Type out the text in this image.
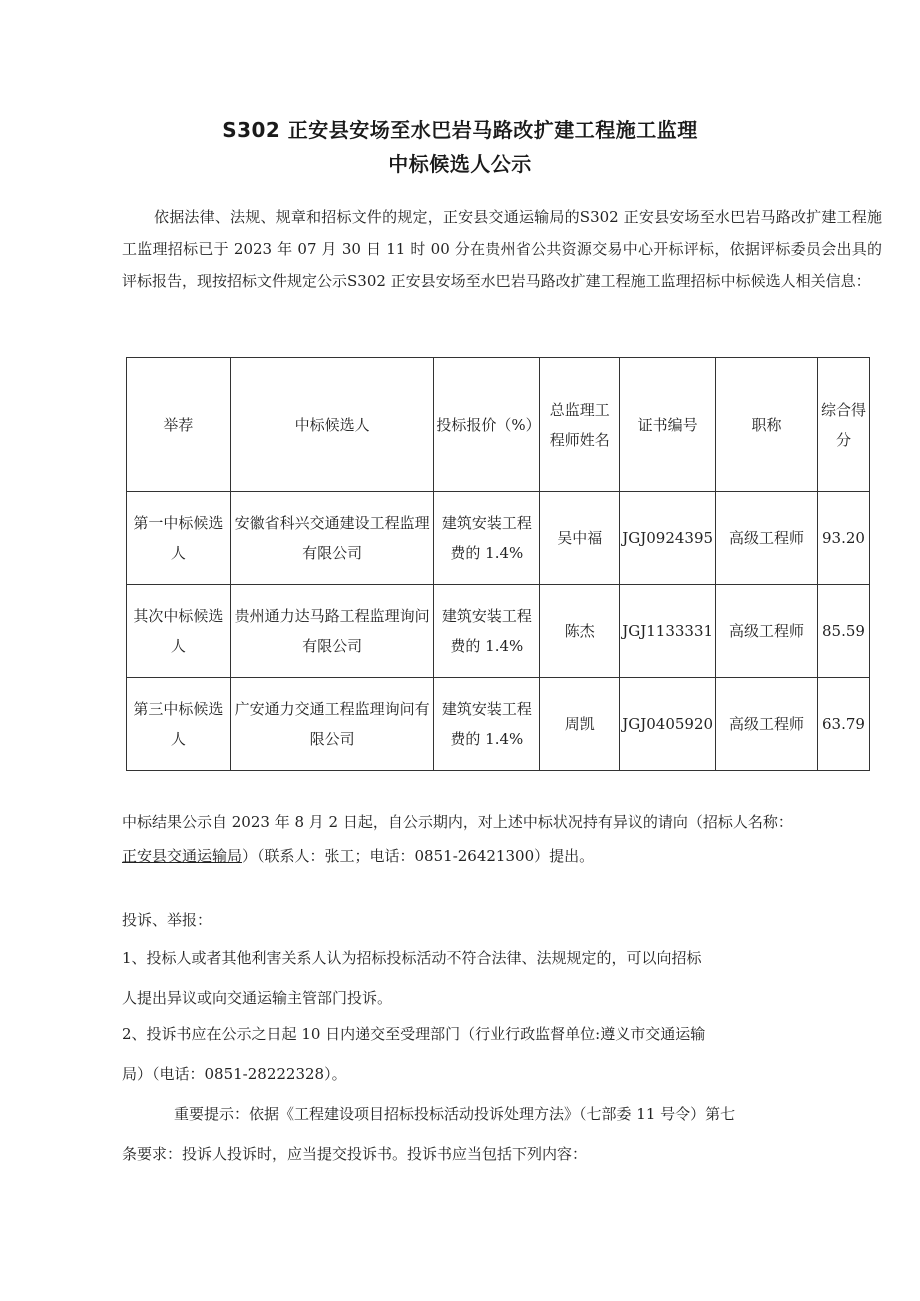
S302 正安县安场至水巴岩马路改扩建工程施工监理
中标候选人公示
依据法律、法规、规章和招标文件的规定，正安县交通运输局的S302 正安县安场至水巴岩马路改扩建工程施工监理招标已于 2023 年 07 月 30 日 11 时 00 分在贵州省公共资源交易中心开标评标，依据评标委员会出具的评标报告，现按招标文件规定公示S302 正安县安场至水巴岩马路改扩建工程施工监理招标中标候选人相关信息：
举荐	中标候选人	投标报价（%）	总监理工程师姓名	证书编号	职称	综合得分
第一中标候选人	安徽省科兴交通建设工程监理有限公司	建筑安装工程费的 1.4%	吴中福	JGJ0924395	高级工程师	93.20
其次中标候选人	贵州通力达马路工程监理询问有限公司	建筑安装工程费的 1.4%	陈杰	JGJ1133331	高级工程师	85.59
第三中标候选人	广安通力交通工程监理询问有限公司	建筑安装工程费的 1.4%	周凯	JGJ0405920	高级工程师	63.79
中标结果公示自 2023 年 8 月 2 日起，自公示期内，对上述中标状况持有异议的请向（招标人名称：
正安县交通运输局）（联系人：张工；电话：0851-26421300）提出。
投诉、举报：
1、投标人或者其他利害关系人认为招标投标活动不符合法律、法规规定的，可以向招标
人提出异议或向交通运输主管部门投诉。
2、投诉书应在公示之日起 10 日内递交至受理部门（行业行政监督单位:遵义市交通运输
局）（电话：0851-28222328）。
重要提示：依据《工程建设项目招标投标活动投诉处理方法》（七部委 11 号令）第七
条要求：投诉人投诉时，应当提交投诉书。投诉书应当包括下列内容：
